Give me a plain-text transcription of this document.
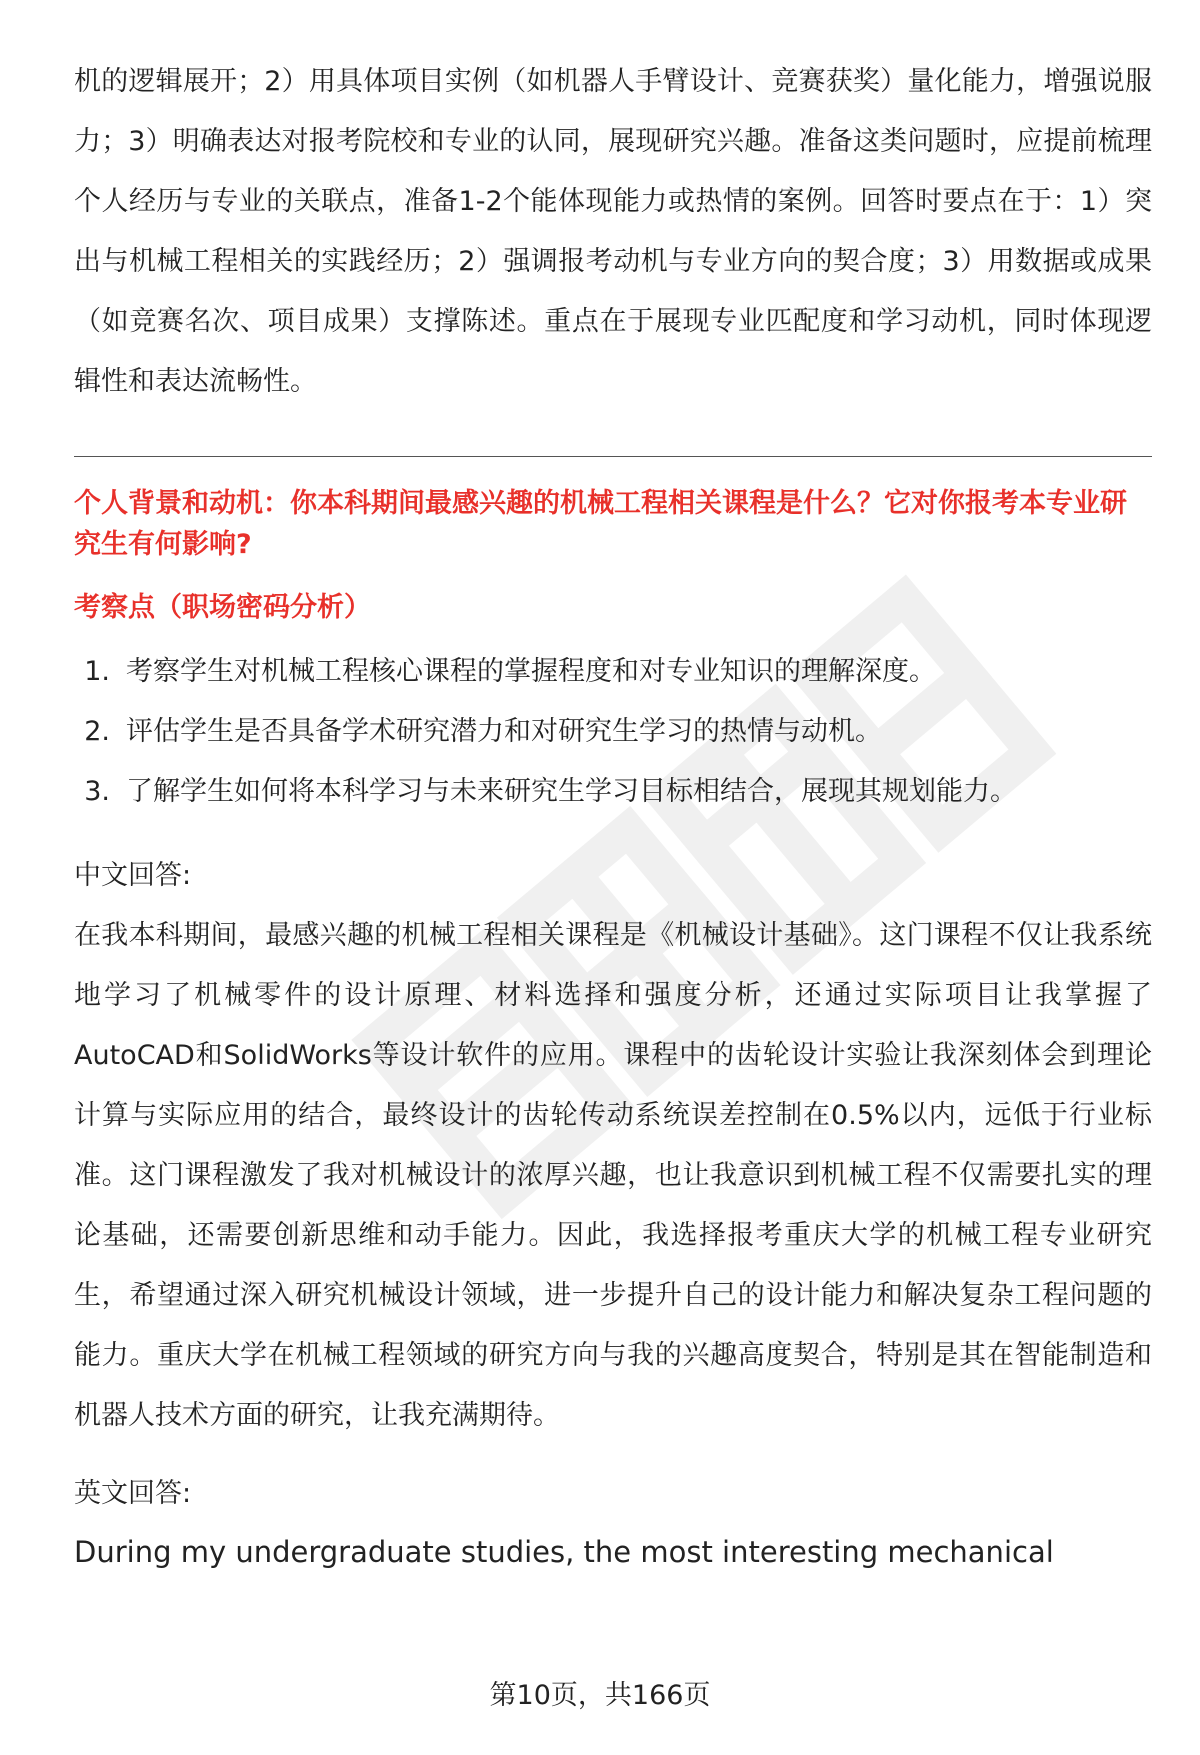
机的逻辑展开；2）用具体项目实例（如机器人手臂设计、竞赛获奖）量化能力，增强说服力；3）明确表达对报考院校和专业的认同，展现研究兴趣。准备这类问题时，应提前梳理个人经历与专业的关联点，准备1-2个能体现能力或热情的案例。回答时要点在于：1）突出与机械工程相关的实践经历；2）强调报考动机与专业方向的契合度；3）用数据或成果（如竞赛名次、项目成果）支撑陈述。重点在于展现专业匹配度和学习动机，同时体现逻辑性和表达流畅性。

个人背景和动机：你本科期间最感兴趣的机械工程相关课程是什么？它对你报考本专业研究生有何影响?

考察点（职场密码分析）

1. 考察学生对机械工程核心课程的掌握程度和对专业知识的理解深度。
2. 评估学生是否具备学术研究潜力和对研究生学习的热情与动机。
3. 了解学生如何将本科学习与未来研究生学习目标相结合，展现其规划能力。

中文回答:

在我本科期间，最感兴趣的机械工程相关课程是《机械设计基础》。这门课程不仅让我系统地学习了机械零件的设计原理、材料选择和强度分析，还通过实际项目让我掌握了AutoCAD和SolidWorks等设计软件的应用。课程中的齿轮设计实验让我深刻体会到理论计算与实际应用的结合，最终设计的齿轮传动系统误差控制在0.5%以内，远低于行业标准。这门课程激发了我对机械设计的浓厚兴趣，也让我意识到机械工程不仅需要扎实的理论基础，还需要创新思维和动手能力。因此，我选择报考重庆大学的机械工程专业研究生，希望通过深入研究机械设计领域，进一步提升自己的设计能力和解决复杂工程问题的能力。重庆大学在机械工程领域的研究方向与我的兴趣高度契合，特别是其在智能制造和机器人技术方面的研究，让我充满期待。

英文回答:

During my undergraduate studies, the most interesting mechanical

第10页，共166页
